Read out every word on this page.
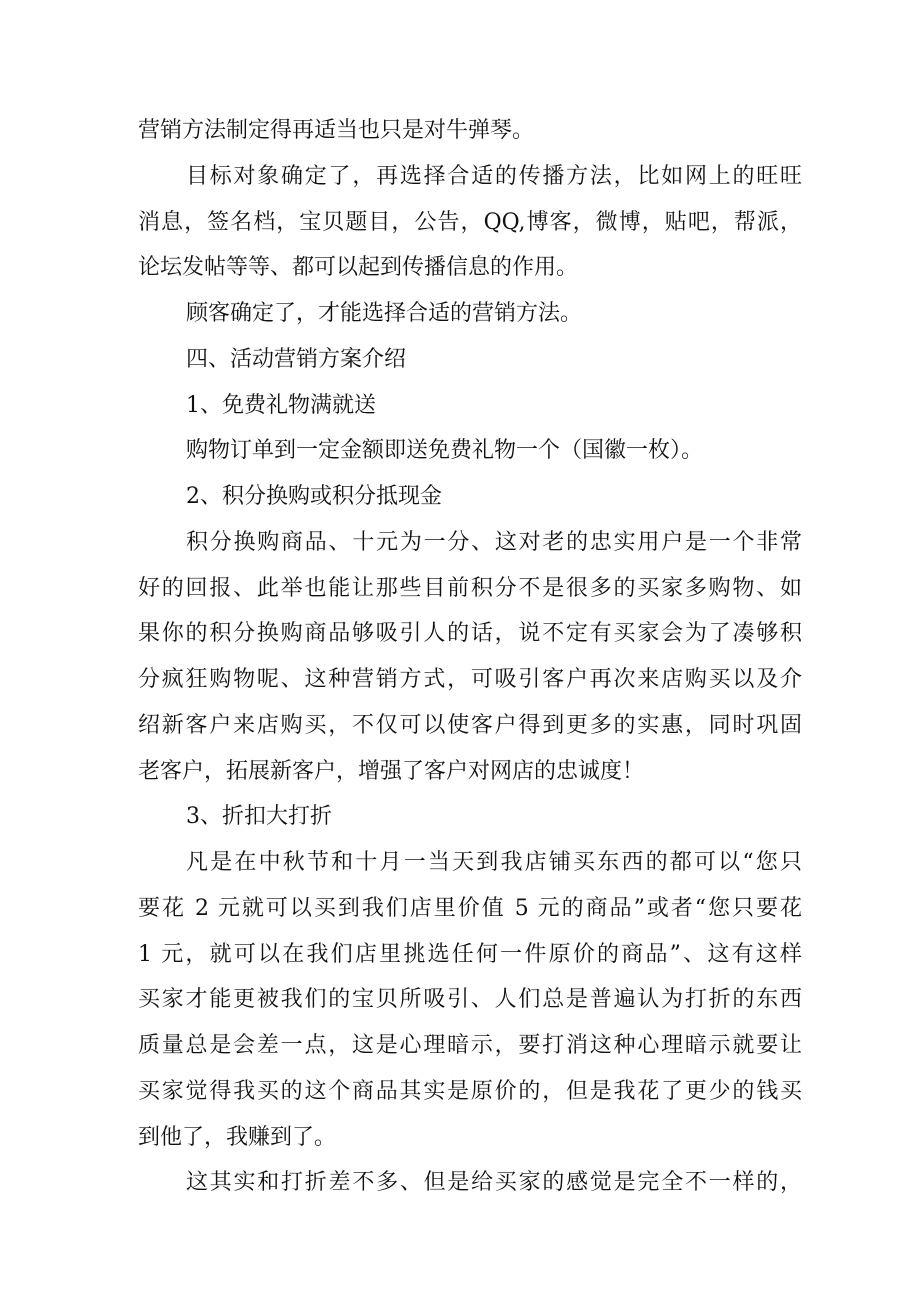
营销方法制定得再适当也只是对牛弹琴。
目标对象确定了，再选择合适的传播方法，比如网上的旺旺
消息，签名档，宝贝题目，公告，QQ,博客，微博，贴吧，帮派，
论坛发帖等等、都可以起到传播信息的作用。
顾客确定了，才能选择合适的营销方法。
四、活动营销方案介绍
1、免费礼物满就送
购物订单到一定金额即送免费礼物一个（国徽一枚）。
2、积分换购或积分抵现金
积分换购商品、十元为一分、这对老的忠实用户是一个非常
好的回报、此举也能让那些目前积分不是很多的买家多购物、如
果你的积分换购商品够吸引人的话，说不定有买家会为了凑够积
分疯狂购物呢、这种营销方式，可吸引客户再次来店购买以及介
绍新客户来店购买，不仅可以使客户得到更多的实惠，同时巩固
老客户，拓展新客户，增强了客户对网店的忠诚度！
3、折扣大打折
凡是在中秋节和十月一当天到我店铺买东西的都可以“您只
要花 2 元就可以买到我们店里价值 5 元的商品”或者“您只要花
1 元，就可以在我们店里挑选任何一件原价的商品”、这有这样
买家才能更被我们的宝贝所吸引、人们总是普遍认为打折的东西
质量总是会差一点，这是心理暗示，要打消这种心理暗示就要让
买家觉得我买的这个商品其实是原价的，但是我花了更少的钱买
到他了，我赚到了。
这其实和打折差不多、但是给买家的感觉是完全不一样的，
